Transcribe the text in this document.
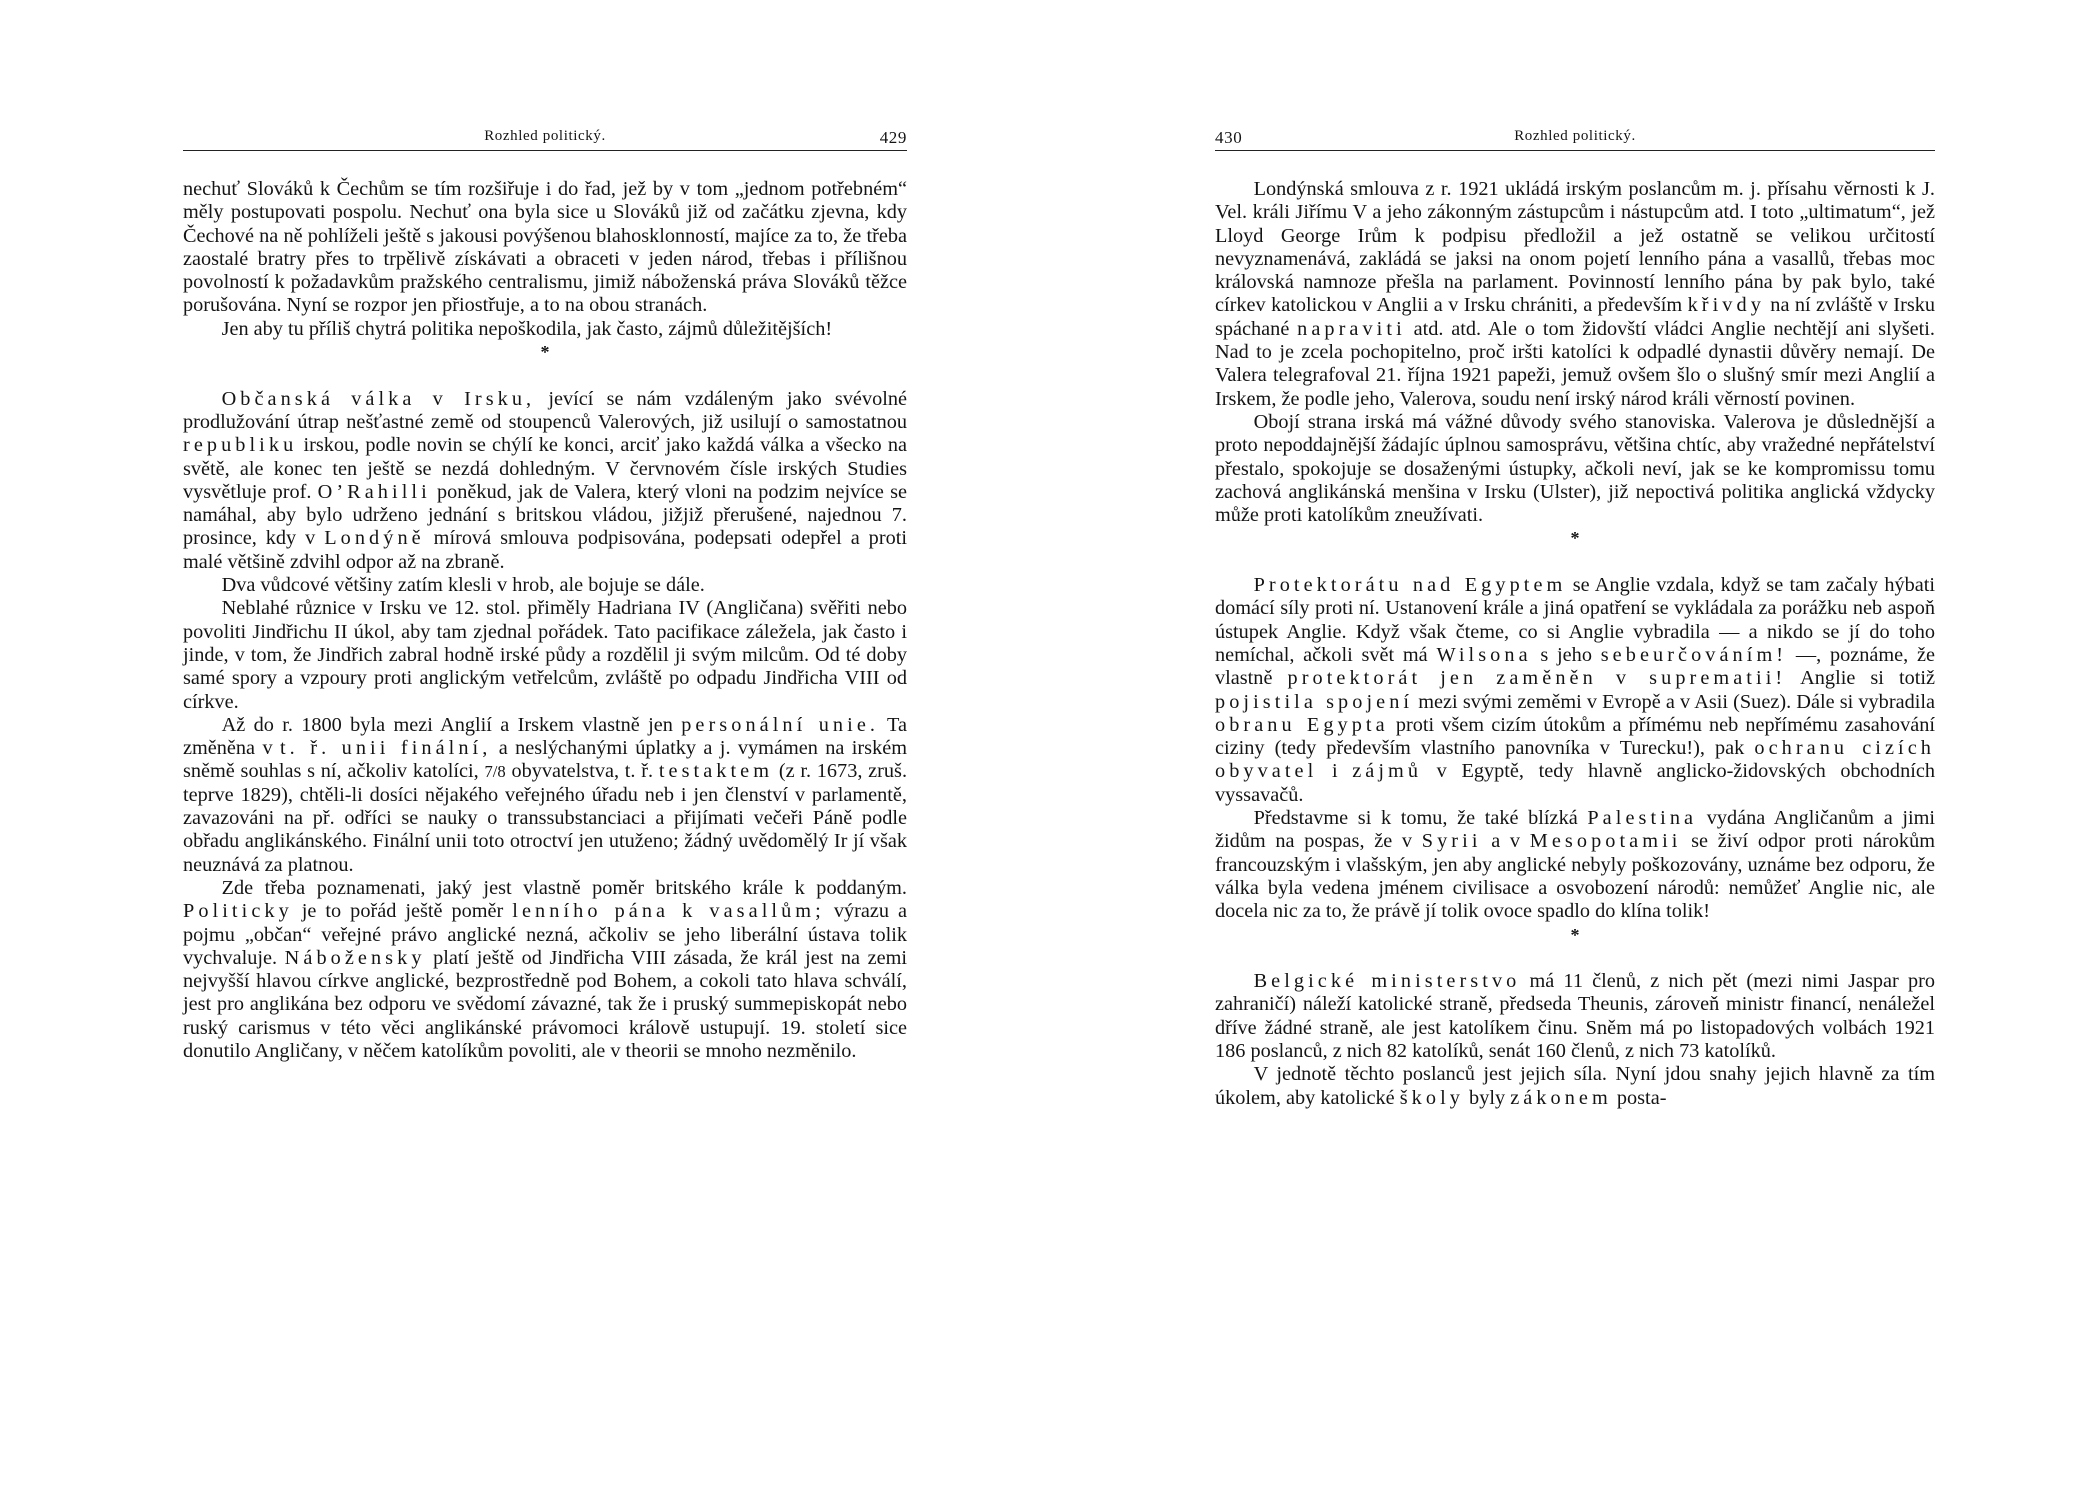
Rozhled politický.	429

nechuť Slováků k Čechům se tím rozšiřuje i do řad, jež by v tom „jednom potřebném“ měly postupovati pospolu. Nechuť ona byla sice u Slováků již od začátku zjevna, kdy Čechové na ně pohlíželi ještě s jakousi povýšenou blahosklonností, majíce za to, že třeba zaostalé bratry přes to trpělivě získávati a obraceti v jeden národ, třebas i přílišnou povolností k požadavkům pražského centralismu, jimiž náboženská práva Slováků těžce porušována. Nyní se rozpor jen přiostřuje, a to na obou stranách.

Jen aby tu příliš chytrá politika nepoškodila, jak často, zájmů důležitějších!

*

Občanská válka v Irsku, jevící se nám vzdáleným jako svévolné prodlužování útrap nešťastné země od stoupenců Valerových, již usilují o samostatnou republiku irskou, podle novin se chýlí ke konci, arciť jako každá válka a všecko na světě, ale konec ten ještě se nezdá dohledným. V červnovém čísle irských Studies vysvětluje prof. O’Rahilli poněkud, jak de Valera, který vloni na podzim nejvíce se namáhal, aby bylo udrženo jednání s britskou vládou, jižjiž přerušené, najednou 7. prosince, kdy v Londýně mírová smlouva podpisována, podepsati odepřel a proti malé většině zdvihl odpor až na zbraně.

Dva vůdcové většiny zatím klesli v hrob, ale bojuje se dále.

Neblahé různice v Irsku ve 12. stol. přiměly Hadriana IV (Angličana) svěřiti nebo povoliti Jindřichu II úkol, aby tam zjednal pořádek. Tato pacifikace záležela, jak často i jinde, v tom, že Jindřich zabral hodně irské půdy a rozdělil ji svým milcům. Od té doby samé spory a vzpoury proti anglickým vetřelcům, zvláště po odpadu Jindřicha VIII od církve.

Až do r. 1800 byla mezi Anglií a Irskem vlastně jen personální unie. Ta změněna v t. ř. unii finální, a neslýchanými úplatky a j. vymámen na irském sněmě souhlas s ní, ačkoliv katolíci, 7/8 obyvatelstva, t. ř. testaktem (z r. 1673, zruš. teprve 1829), chtěli-li dosíci nějakého veřejného úřadu neb i jen členství v parlamentě, zavazováni na př. odříci se nauky o transsubstanciaci a přijímati večeři Páně podle obřadu anglikánského. Finální unii toto otroctví jen utuženo; žádný uvědomělý Ir jí však neuznává za platnou.

Zde třeba poznamenati, jaký jest vlastně poměr britského krále k poddaným. Politicky je to pořád ještě poměr lenního pána k vasallům; výrazu a pojmu „občan“ veřejné právo anglické nezná, ačkoliv se jeho liberální ústava tolik vychvaluje. Nábožensky platí ještě od Jindřicha VIII zásada, že král jest na zemi nejvyšší hlavou církve anglické, bezprostředně pod Bohem, a cokoli tato hlava schválí, jest pro anglikána bez odporu ve svědomí závazné, tak že i pruský summepiskopát nebo ruský carismus v této věci anglikánské právomoci králově ustupují. 19. století sice donutilo Angličany, v něčem katolíkům povoliti, ale v theorii se mnoho nezměnilo.

430	Rozhled politický.

Londýnská smlouva z r. 1921 ukládá irským poslancům m. j. přísahu věrnosti k J. Vel. králi Jiřímu V a jeho zákonným zástupcům i nástupcům atd. I toto „ultimatum“, jež Lloyd George Irům k podpisu předložil a jež ostatně se velikou určitostí nevyznamenává, zakládá se jaksi na onom pojetí lenního pána a vasallů, třebas moc královská namnoze přešla na parlament. Povinností lenního pána by pak bylo, také církev katolickou v Anglii a v Irsku chrániti, a především křivdy na ní zvláště v Irsku spáchané napraviti atd. atd. Ale o tom židovští vládci Anglie nechtějí ani slyšeti. Nad to je zcela pochopitelno, proč iršti katolíci k odpadlé dynastii důvěry nemají. De Valera telegrafoval 21. října 1921 papeži, jemuž ovšem šlo o slušný smír mezi Anglií a Irskem, že podle jeho, Valerova, soudu není irský národ králi věrností povinen.

Obojí strana irská má vážné důvody svého stanoviska. Valerova je důslednější a proto nepoddajnější žádajíc úplnou samosprávu, většina chtíc, aby vražedné nepřátelství přestalo, spokojuje se dosaženými ústupky, ačkoli neví, jak se ke kompromissu tomu zachová anglikánská menšina v Irsku (Ulster), již nepoctivá politika anglická vždycky může proti katolíkům zneužívati.

*

Protektorátu nad Egyptem se Anglie vzdala, když se tam začaly hýbati domácí síly proti ní. Ustanovení krále a jiná opatření se vykládala za porážku neb aspoň ústupek Anglie. Když však čteme, co si Anglie vybradila — a nikdo se jí do toho nemíchal, ačkoli svět má Wilsona s jeho sebeurčováním! —, poznáme, že vlastně protektorát jen zaměněn v suprematii! Anglie si totiž pojistila spojení mezi svými zeměmi v Evropě a v Asii (Suez). Dále si vybradila obranu Egypta proti všem cizím útokům a přímému neb nepřímému zasahování ciziny (tedy především vlastního panovníka v Turecku!), pak ochranu cizích obyvatel i zájmů v Egyptě, tedy hlavně anglicko-židovských obchodních vyssavačů.

Představme si k tomu, že také blízká Palestina vydána Angličanům a jimi židům na pospas, že v Syrii a v Mesopotamii se živí odpor proti nárokům francouzským i vlašským, jen aby anglické nebyly poškozovány, uznáme bez odporu, že válka byla vedena jménem civilisace a osvobození národů: nemůžeť Anglie nic, ale docela nic za to, že právě jí tolik ovoce spadlo do klína tolik!

*

Belgické ministerstvo má 11 členů, z nich pět (mezi nimi Jaspar pro zahraničí) náleží katolické straně, předseda Theunis, zároveň ministr financí, nenáležel dříve žádné straně, ale jest katolíkem činu. Sněm má po listopadových volbách 1921 186 poslanců, z nich 82 katolíků, senát 160 členů, z nich 73 katolíků.

V jednotě těchto poslanců jest jejich síla. Nyní jdou snahy jejich hlavně za tím úkolem, aby katolické školy byly zákonem posta-
